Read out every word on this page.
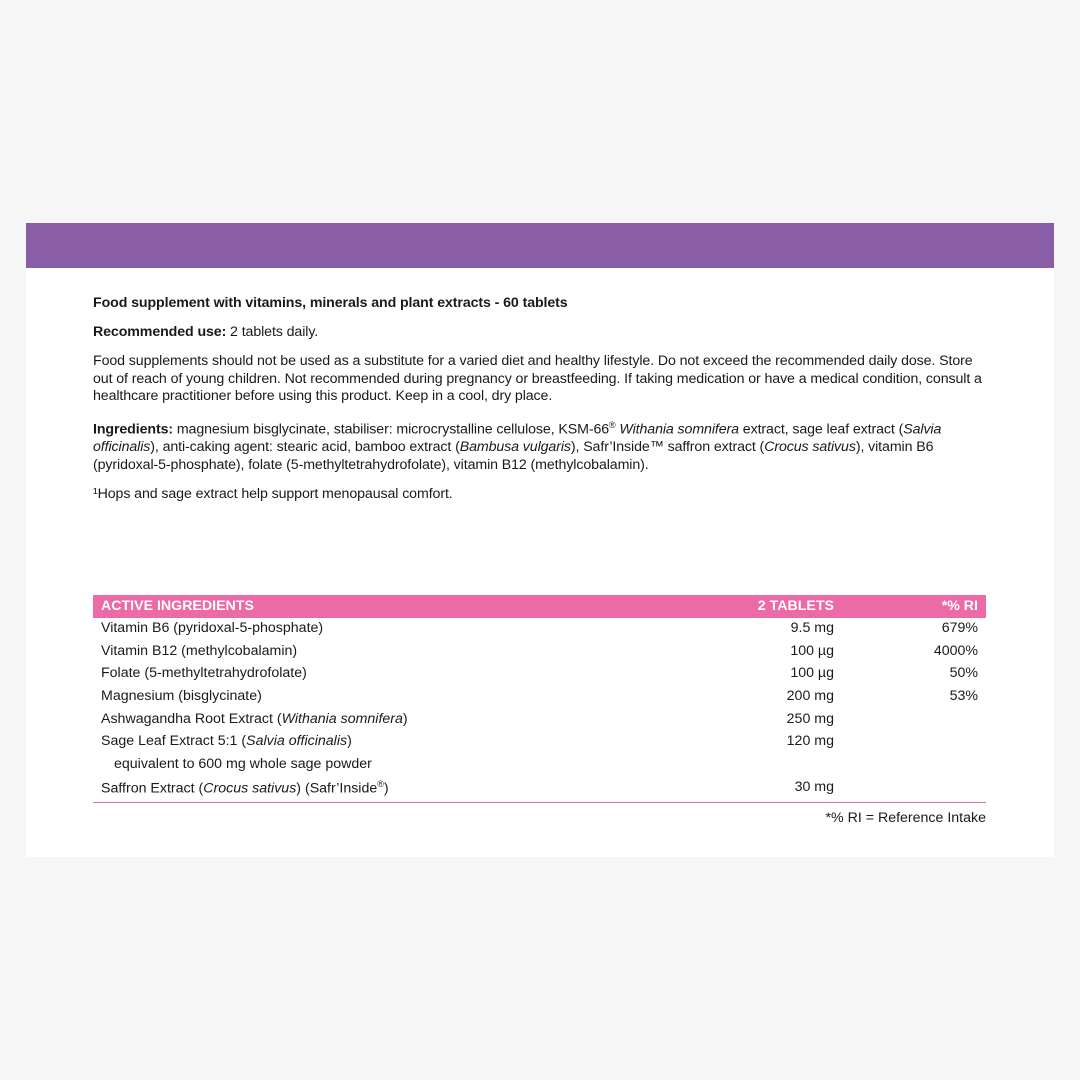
Food supplement with vitamins, minerals and plant extracts - 60 tablets

Recommended use: 2 tablets daily.

Food supplements should not be used as a substitute for a varied diet and healthy lifestyle. Do not exceed the recommended daily dose. Store out of reach of young children. Not recommended during pregnancy or breastfeeding. If taking medication or have a medical condition, consult a healthcare practitioner before using this product. Keep in a cool, dry place.

Ingredients: magnesium bisglycinate, stabiliser: microcrystalline cellulose, KSM-66® Withania somnifera extract, sage leaf extract (Salvia officinalis), anti-caking agent: stearic acid, bamboo extract (Bambusa vulgaris), Safr’Inside™ saffron extract (Crocus sativus), vitamin B6 (pyridoxal-5-phosphate), folate (5-methyltetrahydrofolate), vitamin B12 (methylcobalamin).

¹Hops and sage extract help support menopausal comfort.

ACTIVE INGREDIENTS	2 TABLETS	*% RI
Vitamin B6 (pyridoxal-5-phosphate)	9.5 mg	679%
Vitamin B12 (methylcobalamin)	100 µg	4000%
Folate (5-methyltetrahydrofolate)	100 µg	50%
Magnesium (bisglycinate)	200 mg	53%
Ashwagandha Root Extract (Withania somnifera)	250 mg
Sage Leaf Extract 5:1 (Salvia officinalis)	120 mg
equivalent to 600 mg whole sage powder
Saffron Extract (Crocus sativus) (Safr’Inside®)	30 mg
*% RI = Reference Intake
